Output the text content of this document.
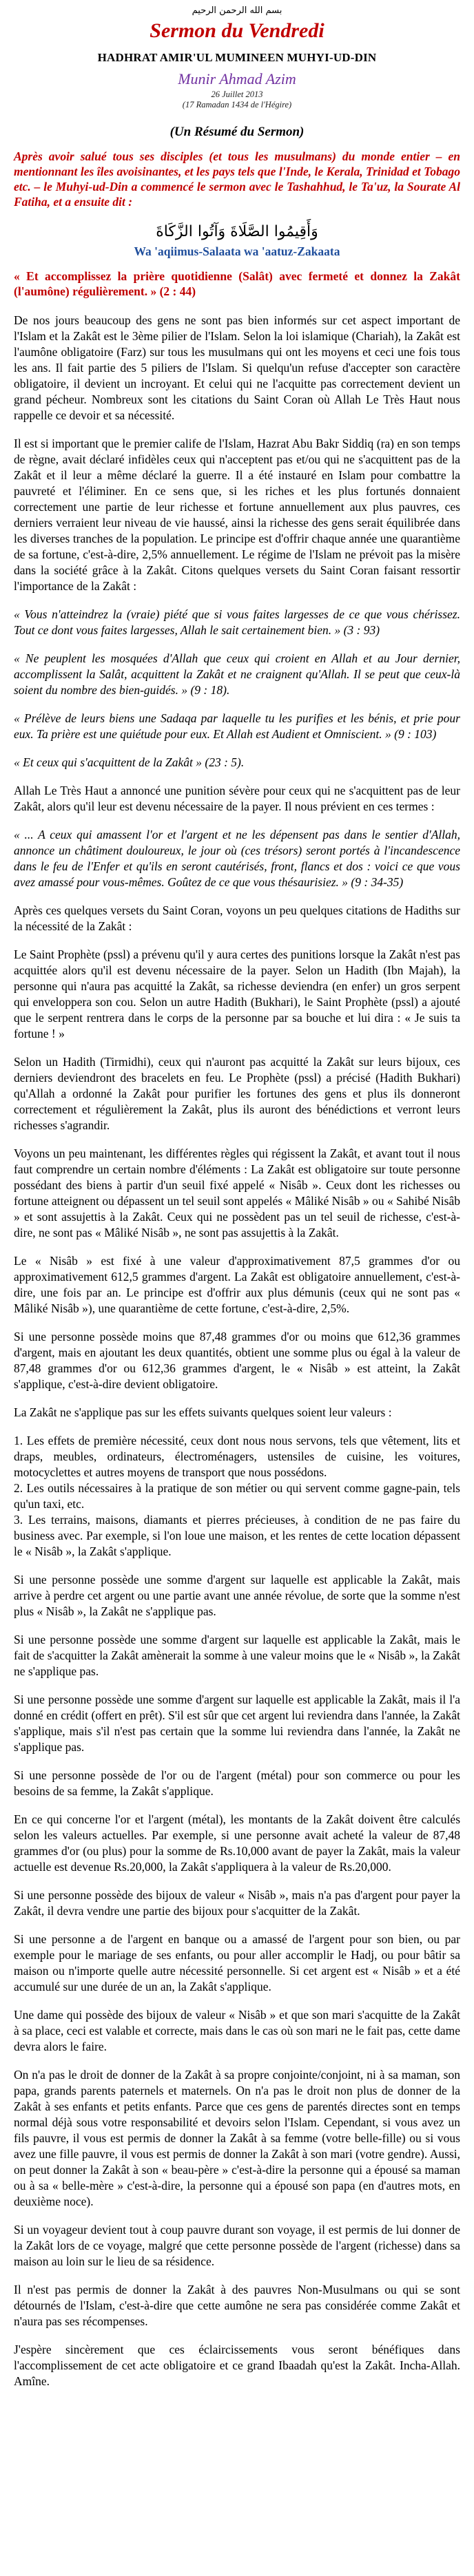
بسم الله الرحمن الرحيم
Sermon du Vendredi
HADHRAT AMIR'UL MUMINEEN MUHYI-UD-DIN
Munir Ahmad Azim
26 Juillet 2013
(17 Ramadan 1434 de l'Hégire)
(Un Résumé du Sermon)
Après avoir salué tous ses disciples (et tous les musulmans) du monde entier – en mentionnant les îles avoisinantes, et les pays tels que l'Inde, le Kerala, Trinidad et Tobago etc. – le Muhyi-ud-Din a commencé le sermon avec le Tashahhud, le Ta'uz, la Sourate Al Fatiha, et a ensuite dit :
وَأَقِيمُوا الصَّلَاةَ وَآتُوا الزَّكَاةَ
Wa 'aqiimus-Salaata wa 'aatuz-Zakaata
« Et accomplissez la prière quotidienne (Salât) avec fermeté et donnez la Zakât (l'aumône) régulièrement. » (2 : 44)

De nos jours beaucoup des gens ne sont pas bien informés sur cet aspect important de l'Islam et la Zakât est le 3ème pilier de l'Islam. Selon la loi islamique (Chariah), la Zakât est l'aumône obligatoire (Farz) sur tous les musulmans qui ont les moyens et ceci une fois tous les ans. Il fait partie des 5 piliers de l'Islam. Si quelqu'un refuse d'accepter son caractère obligatoire, il devient un incroyant. Et celui qui ne l'acquitte pas correctement devient un grand pécheur. Nombreux sont les citations du Saint Coran où Allah Le Très Haut nous rappelle ce devoir et sa nécessité.

Il est si important que le premier calife de l'Islam, Hazrat Abu Bakr Siddiq (ra) en son temps de règne, avait déclaré infidèles ceux qui n'acceptent pas et/ou qui ne s'acquittent pas de la Zakât et il leur a même déclaré la guerre. Il a été instauré en Islam pour combattre la pauvreté et l'éliminer. En ce sens que, si les riches et les plus fortunés donnaient correctement une partie de leur richesse et fortune annuellement aux plus pauvres, ces derniers verraient leur niveau de vie haussé, ainsi la richesse des gens serait équilibrée dans les diverses tranches de la population. Le principe est d'offrir chaque année une quarantième de sa fortune, c'est-à-dire, 2,5% annuellement. Le régime de l'Islam ne prévoit pas la misère dans la société grâce à la Zakât. Citons quelques versets du Saint Coran faisant ressortir l'importance de la Zakât :

« Vous n'atteindrez la (vraie) piété que si vous faites largesses de ce que vous chérissez. Tout ce dont vous faites largesses, Allah le sait certainement bien. » (3 : 93)

« Ne peuplent les mosquées d'Allah que ceux qui croient en Allah et au Jour dernier, accomplissent la Salât, acquittent la Zakât et ne craignent qu'Allah. Il se peut que ceux-là soient du nombre des bien-guidés. » (9 : 18).

« Prélève de leurs biens une Sadaqa par laquelle tu les purifies et les bénis, et prie pour eux. Ta prière est une quiétude pour eux. Et Allah est Audient et Omniscient. » (9 : 103)

« Et ceux qui s'acquittent de la Zakât » (23 : 5).

Allah Le Très Haut a annoncé une punition sévère pour ceux qui ne s'acquittent pas de leur Zakât, alors qu'il leur est devenu nécessaire de la payer. Il nous prévient en ces termes :

« ... A ceux qui amassent l'or et l'argent et ne les dépensent pas dans le sentier d'Allah, annonce un châtiment douloureux, le jour où (ces trésors) seront portés à l'incandescence dans le feu de l'Enfer et qu'ils en seront cautérisés, front, flancs et dos : voici ce que vous avez amassé pour vous-mêmes. Goûtez de ce que vous thésaurisiez. » (9 : 34-35)

Après ces quelques versets du Saint Coran, voyons un peu quelques citations de Hadiths sur la nécessité de la Zakât :

Le Saint Prophète (pssl) a prévenu qu'il y aura certes des punitions lorsque la Zakât n'est pas acquittée alors qu'il est devenu nécessaire de la payer. Selon un Hadith (Ibn Majah), la personne qui n'aura pas acquitté la Zakât, sa richesse deviendra (en enfer) un gros serpent qui enveloppera son cou. Selon un autre Hadith (Bukhari), le Saint Prophète (pssl) a ajouté que le serpent rentrera dans le corps de la personne par sa bouche et lui dira : « Je suis ta fortune ! »

Selon un Hadith (Tirmidhi), ceux qui n'auront pas acquitté la Zakât sur leurs bijoux, ces derniers deviendront des bracelets en feu. Le Prophète (pssl) a précisé (Hadith Bukhari) qu'Allah a ordonné la Zakât pour purifier les fortunes des gens et plus ils donneront correctement et régulièrement la Zakât, plus ils auront des bénédictions et verront leurs richesses s'agrandir.

Voyons un peu maintenant, les différentes règles qui régissent la Zakât, et avant tout il nous faut comprendre un certain nombre d'éléments : La Zakât est obligatoire sur toute personne possédant des biens à partir d'un seuil fixé appelé « Nisâb ». Ceux dont les richesses ou fortune atteignent ou dépassent un tel seuil sont appelés « Mâliké Nisâb » ou « Sahibé Nisâb » et sont assujettis à la Zakât. Ceux qui ne possèdent pas un tel seuil de richesse, c'est-à-dire, ne sont pas « Mâliké Nisâb », ne sont pas assujettis à la Zakât.

Le « Nisâb » est fixé à une valeur d'approximativement 87,5 grammes d'or ou approximativement 612,5 grammes d'argent. La Zakât est obligatoire annuellement, c'est-à-dire, une fois par an. Le principe est d'offrir aux plus démunis (ceux qui ne sont pas « Mâliké Nisâb »), une quarantième de cette fortune, c'est-à-dire, 2,5%.

Si une personne possède moins que 87,48 grammes d'or ou moins que 612,36 grammes d'argent, mais en ajoutant les deux quantités, obtient une somme plus ou égal à la valeur de 87,48 grammes d'or ou 612,36 grammes d'argent, le « Nisâb » est atteint, la Zakât s'applique, c'est-à-dire devient obligatoire.

La Zakât ne s'applique pas sur les effets suivants quelques soient leur valeurs :

1. Les effets de première nécessité, ceux dont nous nous servons, tels que vêtement, lits et draps, meubles, ordinateurs, électroménagers, ustensiles de cuisine, les voitures, motocyclettes et autres moyens de transport que nous possédons.
2. Les outils nécessaires à la pratique de son métier ou qui servent comme gagne-pain, tels qu'un taxi, etc.
3. Les terrains, maisons, diamants et pierres précieuses, à condition de ne pas faire du business avec. Par exemple, si l'on loue une maison, et les rentes de cette location dépassent le « Nisâb », la Zakât s'applique.

Si une personne possède une somme d'argent sur laquelle est applicable la Zakât, mais arrive à perdre cet argent ou une partie avant une année révolue, de sorte que la somme n'est plus « Nisâb », la Zakât ne s'applique pas.

Si une personne possède une somme d'argent sur laquelle est applicable la Zakât, mais le fait de s'acquitter la Zakât amènerait la somme à une valeur moins que le « Nisâb », la Zakât ne s'applique pas.

Si une personne possède une somme d'argent sur laquelle est applicable la Zakât, mais il l'a donné en crédit (offert en prêt). S'il est sûr que cet argent lui reviendra dans l'année, la Zakât s'applique, mais s'il n'est pas certain que la somme lui reviendra dans l'année, la Zakât ne s'applique pas.

Si une personne possède de l'or ou de l'argent (métal) pour son commerce ou pour les besoins de sa femme, la Zakât s'applique.

En ce qui concerne l'or et l'argent (métal), les montants de la Zakât doivent être calculés selon les valeurs actuelles. Par exemple, si une personne avait acheté la valeur de 87,48 grammes d'or (ou plus) pour la somme de Rs.10,000 avant de payer la Zakât, mais la valeur actuelle est devenue Rs.20,000, la Zakât s'appliquera à la valeur de Rs.20,000.

Si une personne possède des bijoux de valeur « Nisâb », mais n'a pas d'argent pour payer la Zakât, il devra vendre une partie des bijoux pour s'acquitter de la Zakât.

Si une personne a de l'argent en banque ou a amassé de l'argent pour son bien, ou par exemple pour le mariage de ses enfants, ou pour aller accomplir le Hadj, ou pour bâtir sa maison ou n'importe quelle autre nécessité personnelle. Si cet argent est « Nisâb » et a été accumulé sur une durée de un an, la Zakât s'applique.

Une dame qui possède des bijoux de valeur « Nisâb » et que son mari s'acquitte de la Zakât à sa place, ceci est valable et correcte, mais dans le cas où son mari ne le fait pas, cette dame devra alors le faire.

On n'a pas le droit de donner de la Zakât à sa propre conjointe/conjoint, ni à sa maman, son papa, grands parents paternels et maternels. On n'a pas le droit non plus de donner de la Zakât à ses enfants et petits enfants. Parce que ces gens de parentés directes sont en temps normal déjà sous votre responsabilité et devoirs selon l'Islam. Cependant, si vous avez un fils pauvre, il vous est permis de donner la Zakât à sa femme (votre belle-fille) ou si vous avez une fille pauvre, il vous est permis de donner la Zakât à son mari (votre gendre). Aussi, on peut donner la Zakât à son « beau-père » c'est-à-dire la personne qui a épousé sa maman ou à sa « belle-mère » c'est-à-dire, la personne qui a épousé son papa (en d'autres mots, en deuxième noce).

Si un voyageur devient tout à coup pauvre durant son voyage, il est permis de lui donner de la Zakât lors de ce voyage, malgré que cette personne possède de l'argent (richesse) dans sa maison au loin sur le lieu de sa résidence.

Il n'est pas permis de donner la Zakât à des pauvres Non-Musulmans ou qui se sont détournés de l'Islam, c'est-à-dire que cette aumône ne sera pas considérée comme Zakât et n'aura pas ses récompenses.

J'espère sincèrement que ces éclaircissements vous seront bénéfiques dans l'accomplissement de cet acte obligatoire et ce grand Ibaadah qu'est la Zakât. Incha-Allah. Amîne.
